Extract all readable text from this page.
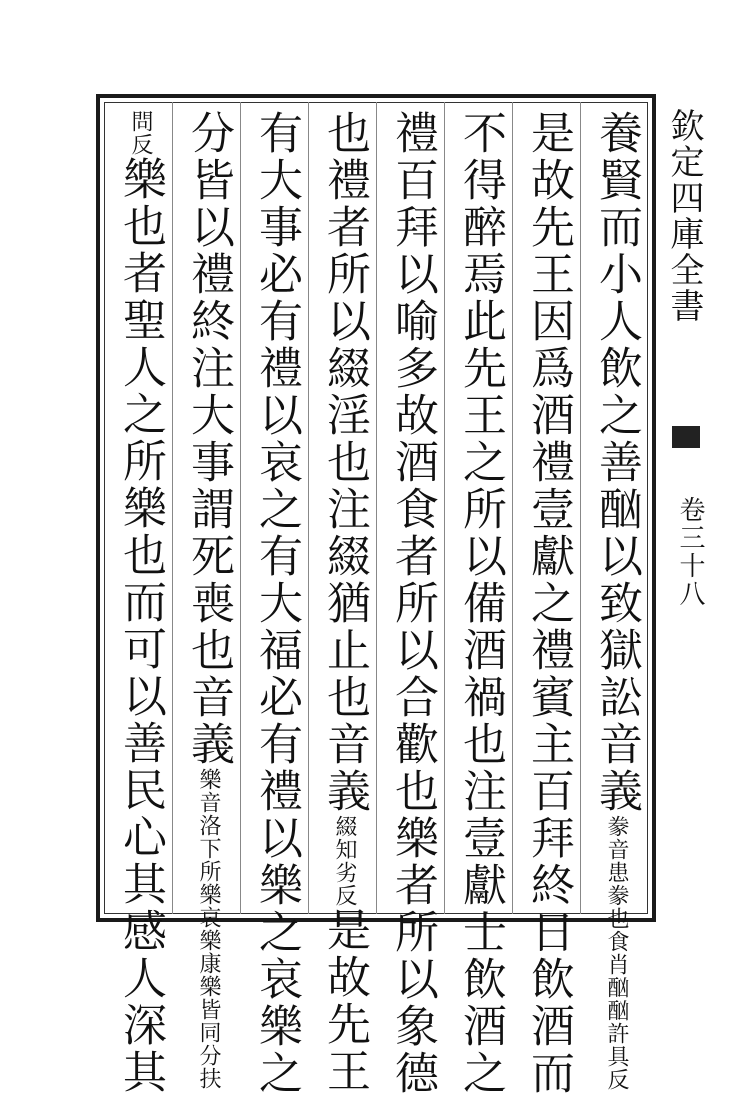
欽定四庫全書
卷三十八
養賢而小人飲之善酗以致獄訟音義豢音患豢也食肖酗酗許具反
是故先王因爲酒禮壹獻之禮賓主百拜終日飲酒而
不得醉焉此先王之所以備酒禍也注壹獻士飲酒之
禮百拜以喻多故酒食者所以合歡也樂者所以象德
也禮者所以綴淫也注綴猶止也音義綴知劣反是故先王
有大事必有禮以哀之有大福必有禮以樂之哀樂之
分皆以禮終注大事謂死喪也音義樂音洛下所樂哀樂康樂皆同分扶
問反樂也者聖人之所樂也而可以善民心其感人深其
